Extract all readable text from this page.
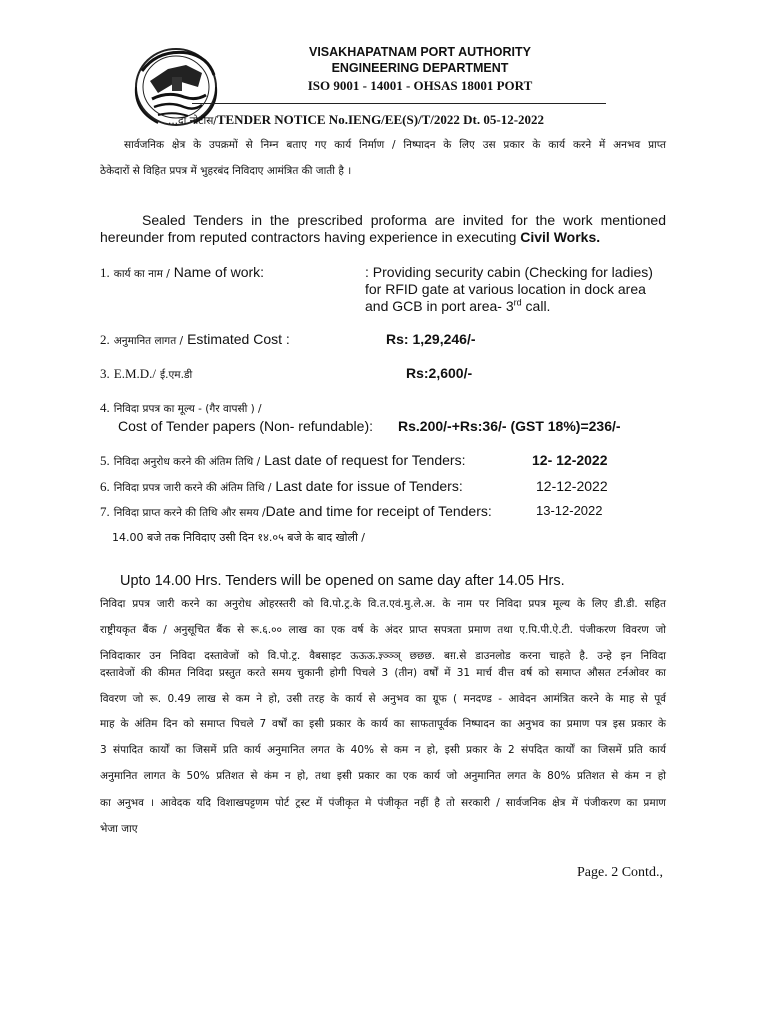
VISAKHAPATNAM PORT AUTHORITY
ENGINEERING DEPARTMENT
ISO 9001 - 14001 - OHSAS 18001 PORT
...दा नोटीस/TENDER NOTICE No.IENG/EE(S)/T/2022 Dt. 05-12-2022
सार्वजनिक क्षेत्र के उपक्रमों से निम्न बताए गए कार्य निर्माण / निष्पादन के लिए उस प्रकार के कार्य करने में अनभव प्राप्त
ठेकेदारों से विहित प्रपत्र में भुहरबंद निविदाए आमंत्रित की जाती है ।
Sealed Tenders in the prescribed proforma are invited for the work mentioned
hereunder from reputed contractors having experience in executing Civil Works.
1. कार्य का नाम / Name of work:	: Providing security cabin (Checking for ladies)
for RFID gate at various location in dock area
and GCB in port area- 3rd call.
2. अनुमानित लागत / Estimated Cost :	Rs: 1,29,246/-
3. E.M.D./ ई.एम.डी	Rs:2,600/-
4. निविदा प्रपत्र का मूल्य - (गैर वापसी ) /
Cost of Tender papers (Non- refundable): Rs.200/-+Rs:36/- (GST 18%)=236/-
5. निविदा अनुरोध करने की अंतिम तिथि / Last date of request for Tenders:	12- 12-2022
6. निविदा प्रपत्र जारी करने की अंतिम तिथि / Last date for issue of Tenders:	12-12-2022
7. निविदा प्राप्त करने की तिथि और समय /Date and time for receipt of Tenders:	13-12-2022
14.00 बजे तक निविदाए उसी दिन १४.०५ बजे के बाद खोली /
Upto 14.00 Hrs. Tenders will be opened on same day after 14.05 Hrs.
निविदा प्रपत्र जारी करने का अनुरोध ओहरस्तरी को वि.पो.ट्र.के वि.त.एवं.मु.ले.अ. के नाम पर निविदा प्रपत्र मूल्य के लिए डी.डी. सहित
राष्ट्रीयकृत बैंक / अनुसूचित बैंक से रू.६.०० लाख का एक वर्ष के अंदर प्राप्त सपत्रता प्रमाण तथा ए.पि.पी.ऐ.टी. पंजीकरण विवरण जो
निविदाकार उन निविदा दस्तावेजों को वि.पो.ट्र. वैबसाइट ऊऊऊ.ज्ञ्ञ्ञ्ञ् छछछ. बग़.से डाउनलोड करना चाहते है. उन्हे इन निविदा
दस्तावेजों की कीमत निविदा प्रस्तुत करते समय चुकानी होगी पिचले 3 (तीन) वर्षों में 31 मार्च वीत्त वर्ष को समाप्त औसत टर्नओवर का
विवरण जो रू. 0.49 लाख से कम ने हो, उसी तरह के कार्य से अनुभव का ग्रूफ ( मनदण्ड - आवेदन आमंत्रित करने के माह से पूर्व
माह के अंतिम दिन को समाप्त पिचले 7 वर्षों का इसी प्रकार के कार्य का साफतापूर्वक निष्पादन का अनुभव का प्रमाण पत्र इस प्रकार के
3 संपादित कार्यों का जिसमें प्रति कार्य अनुमानित लगत के 40% से कम न हो, इसी प्रकार के 2 संपदित कार्यों का जिसमें प्रति कार्य
अनुमानित लागत के 50% प्रतिशत से कंम न हो, तथा इसी प्रकार का एक कार्य जो अनुमानित लगत के 80% प्रतिशत से कंम न हो
का अनुभव । आवेदक यदि विशाखपट्टणम पोर्ट ट्रस्ट में पंजीकृत मे पंजीकृत नहीं है तो सरकारी / सार्वजनिक क्षेत्र में पंजीकरण का प्रमाण
भेजा जाए
Page. 2 Contd.,
